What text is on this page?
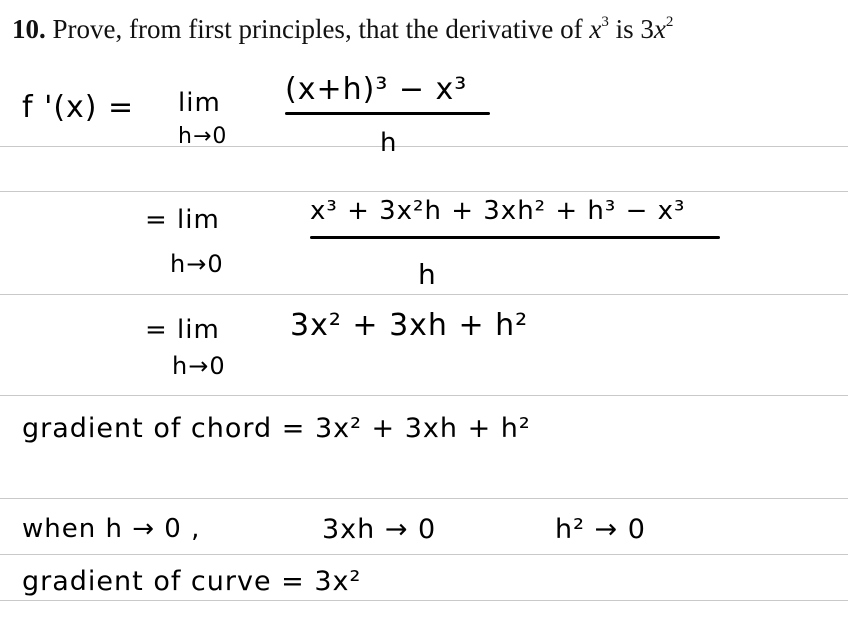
10. Prove, from first principles, that the derivative of $x^3$ is $3x^2$
f '(x) = lim
h→0
(x+h)³ − x³
h
= lim
h→0
x³ + 3x²h + 3xh² + h³ − x³
h
= lim
h→0
3x² + 3xh + h²
gradient of chord = 3x² + 3xh + h²
when h → 0 ,	3xh → 0	h² → 0
gradient of curve = 3x²
